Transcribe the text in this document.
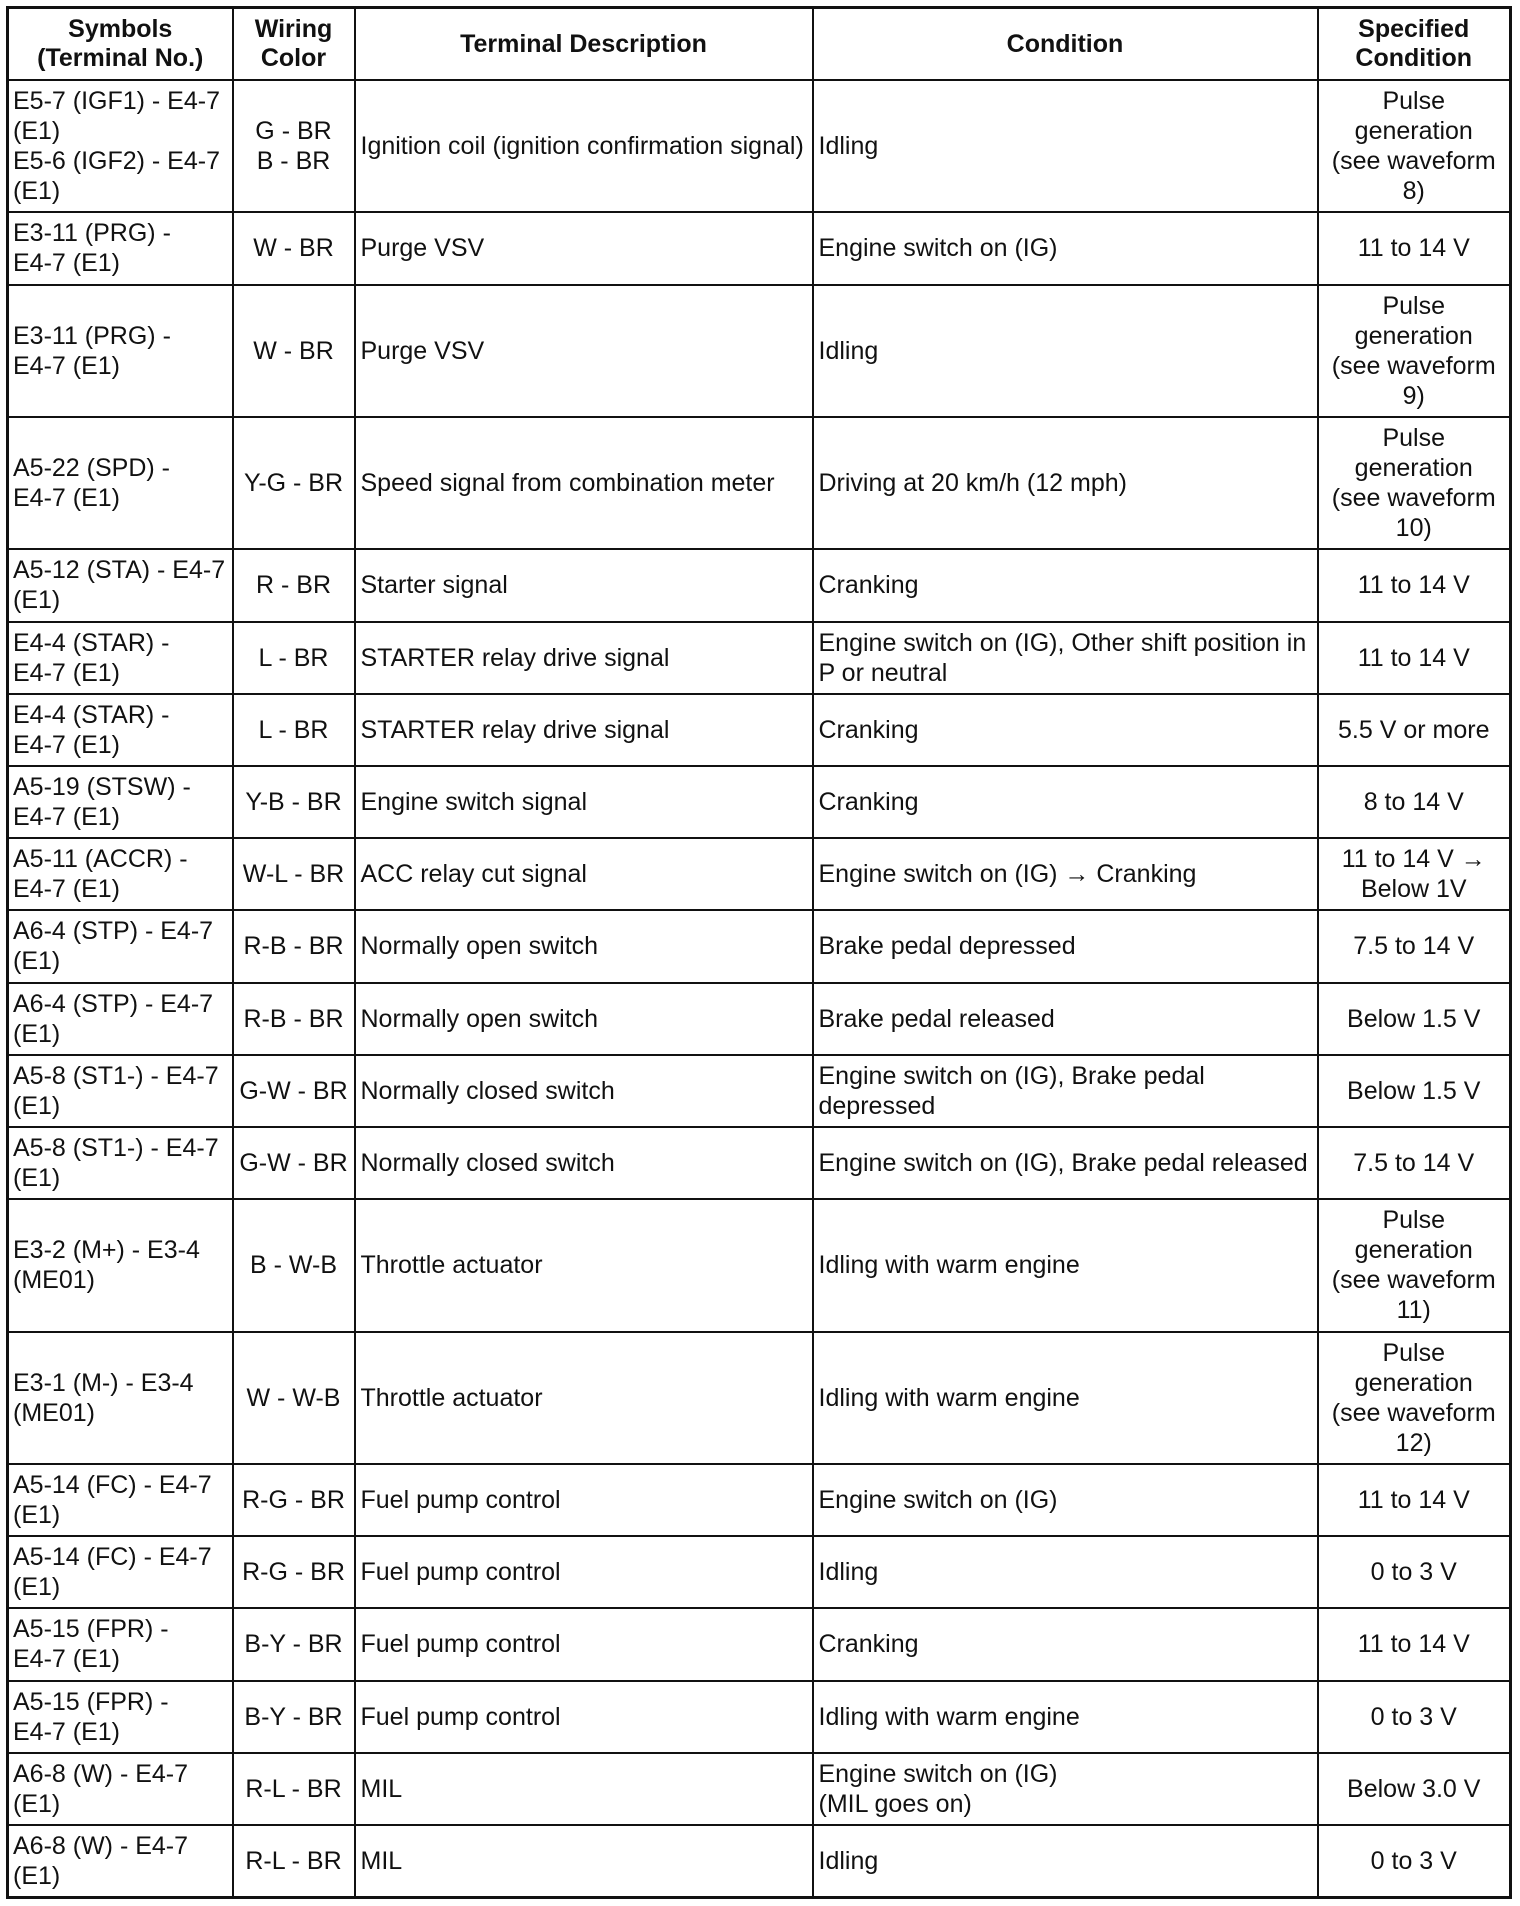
Symbols
(Terminal No.)	Wiring
Color	Terminal Description	Condition	Specified
Condition
E5-7 (IGF1) - E4-7
(E1)
E5-6 (IGF2) - E4-7
(E1)	G - BR
B - BR	Ignition coil (ignition confirmation signal)	Idling	Pulse
generation
(see waveform
8)
E3-11 (PRG) -
E4-7 (E1)	W - BR	Purge VSV	Engine switch on (IG)	11 to 14 V
E3-11 (PRG) -
E4-7 (E1)	W - BR	Purge VSV	Idling	Pulse
generation
(see waveform
9)
A5-22 (SPD) -
E4-7 (E1)	Y-G - BR	Speed signal from combination meter	Driving at 20 km/h (12 mph)	Pulse
generation
(see waveform
10)
A5-12 (STA) - E4-7
(E1)	R - BR	Starter signal	Cranking	11 to 14 V
E4-4 (STAR) -
E4-7 (E1)	L - BR	STARTER relay drive signal	Engine switch on (IG), Other shift position in
P or neutral	11 to 14 V
E4-4 (STAR) -
E4-7 (E1)	L - BR	STARTER relay drive signal	Cranking	5.5 V or more
A5-19 (STSW) -
E4-7 (E1)	Y-B - BR	Engine switch signal	Cranking	8 to 14 V
A5-11 (ACCR) -
E4-7 (E1)	W-L - BR	ACC relay cut signal	Engine switch on (IG) → Cranking	11 to 14 V →
Below 1V
A6-4 (STP) - E4-7
(E1)	R-B - BR	Normally open switch	Brake pedal depressed	7.5 to 14 V
A6-4 (STP) - E4-7
(E1)	R-B - BR	Normally open switch	Brake pedal released	Below 1.5 V
A5-8 (ST1-) - E4-7
(E1)	G-W - BR	Normally closed switch	Engine switch on (IG), Brake pedal
depressed	Below 1.5 V
A5-8 (ST1-) - E4-7
(E1)	G-W - BR	Normally closed switch	Engine switch on (IG), Brake pedal released	7.5 to 14 V
E3-2 (M+) - E3-4
(ME01)	B - W-B	Throttle actuator	Idling with warm engine	Pulse
generation
(see waveform
11)
E3-1 (M-) - E3-4
(ME01)	W - W-B	Throttle actuator	Idling with warm engine	Pulse
generation
(see waveform
12)
A5-14 (FC) - E4-7
(E1)	R-G - BR	Fuel pump control	Engine switch on (IG)	11 to 14 V
A5-14 (FC) - E4-7
(E1)	R-G - BR	Fuel pump control	Idling	0 to 3 V
A5-15 (FPR) -
E4-7 (E1)	B-Y - BR	Fuel pump control	Cranking	11 to 14 V
A5-15 (FPR) -
E4-7 (E1)	B-Y - BR	Fuel pump control	Idling with warm engine	0 to 3 V
A6-8 (W) - E4-7
(E1)	R-L - BR	MIL	Engine switch on (IG)
(MIL goes on)	Below 3.0 V
A6-8 (W) - E4-7
(E1)	R-L - BR	MIL	Idling	0 to 3 V
